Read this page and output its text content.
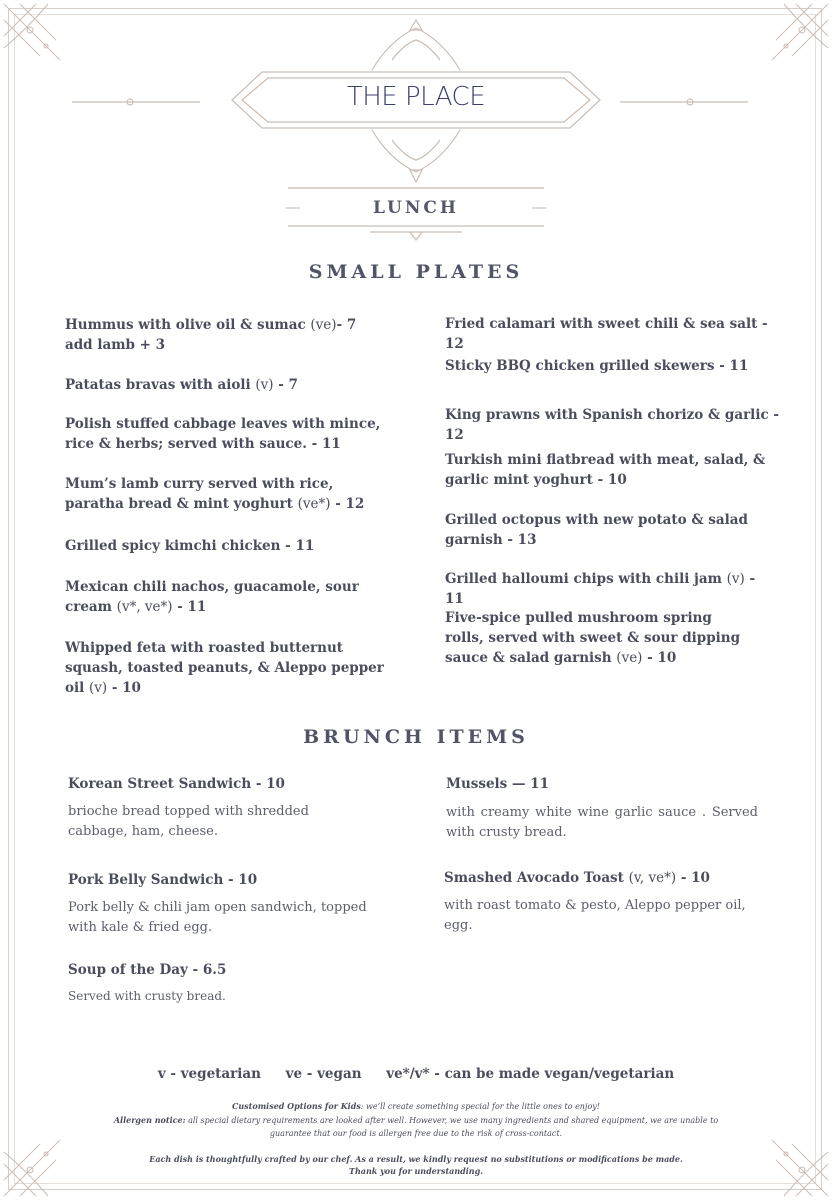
THE PLACE
LUNCH
SMALL PLATES
Hummus with olive oil & sumac (ve)- 7
add lamb + 3
Patatas bravas with aioli (v) - 7
Polish stuffed cabbage leaves with mince, rice & herbs; served with sauce. - 11
Mum’s lamb curry served with rice, paratha bread & mint yoghurt (ve*) - 12
Grilled spicy kimchi chicken - 11
Mexican chili nachos, guacamole, sour cream (v*, ve*) - 11
Whipped feta with roasted butternut squash, toasted peanuts, & Aleppo pepper oil (v) - 10
Fried calamari with sweet chili & sea salt - 12
Sticky BBQ chicken grilled skewers - 11
King prawns with Spanish chorizo & garlic - 12
Turkish mini flatbread with meat, salad, & garlic mint yoghurt - 10
Grilled octopus with new potato & salad garnish - 13
Grilled halloumi chips with chili jam (v) - 11
Five-spice pulled mushroom spring rolls, served with sweet & sour dipping sauce & salad garnish (ve) - 10
BRUNCH ITEMS
Korean Street Sandwich - 10
brioche bread topped with shredded cabbage, ham, cheese.
Pork Belly Sandwich - 10
Pork belly & chili jam open sandwich, topped with kale & fried egg.
Soup of the Day - 6.5
Served with crusty bread.
Mussels — 11
with creamy white wine garlic sauce . Served with crusty bread.
Smashed Avocado Toast (v, ve*) - 10
with roast tomato & pesto, Aleppo pepper oil, egg.
v - vegetarian ve - vegan ve*/v* - can be made vegan/vegetarian
Customised Options for Kids: we’ll create something special for the little ones to enjoy!
Allergen notice: all special dietary requirements are looked after well. However, we use many ingredients and shared equipment, we are unable to guarantee that our food is allergen free due to the risk of cross-contact.
Each dish is thoughtfully crafted by our chef. As a result, we kindly request no substitutions or modifications be made.
Thank you for understanding.
